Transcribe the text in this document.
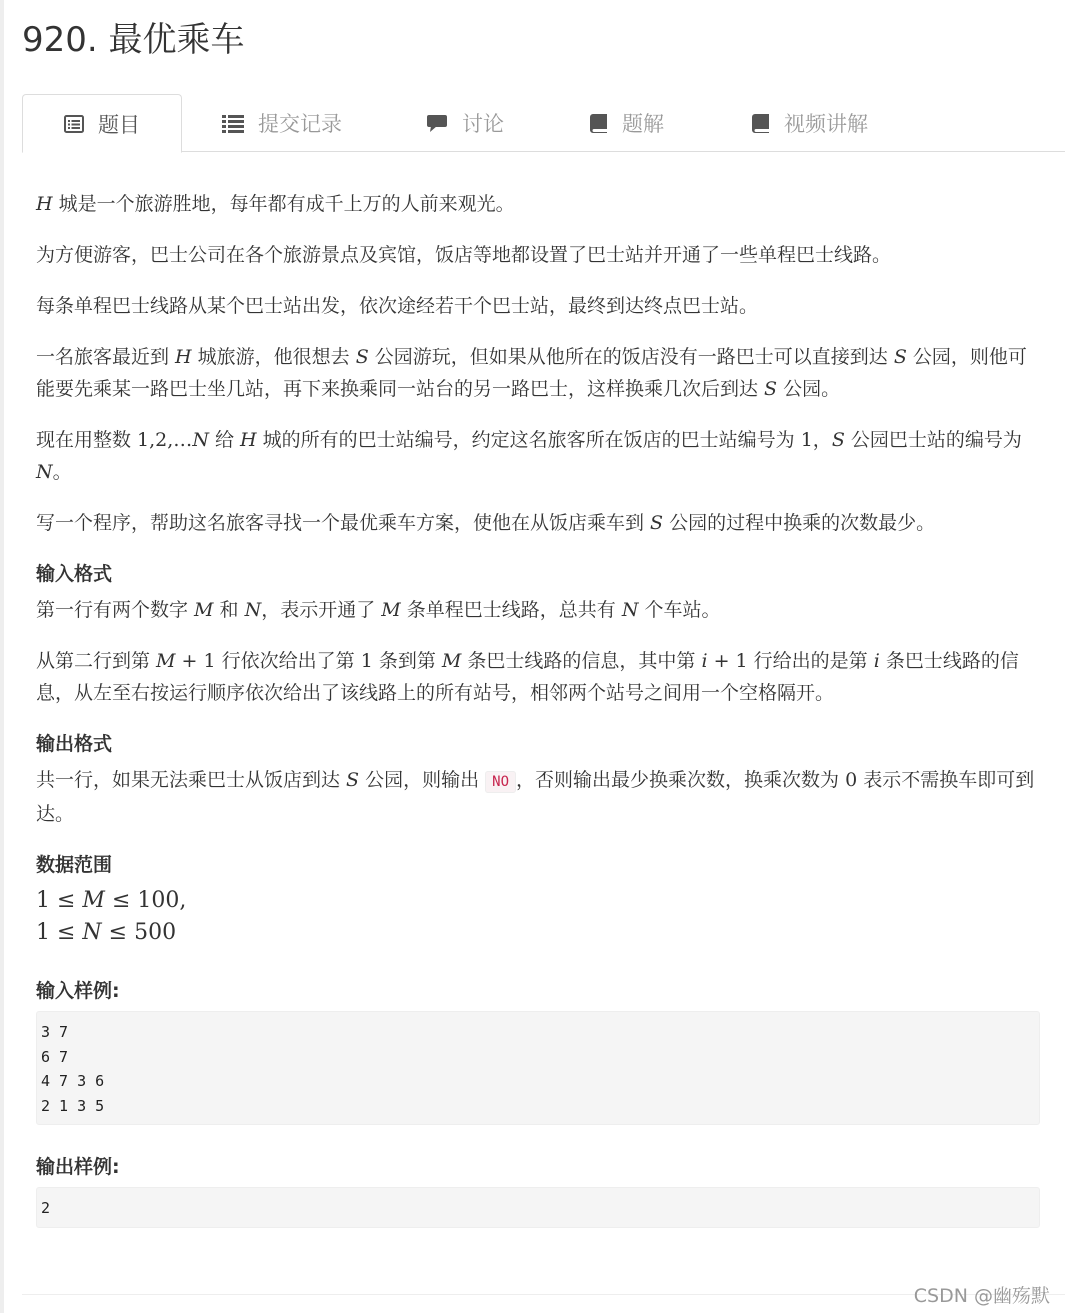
920. 最优乘车
题目	提交记录	讨论	题解	视频讲解

H 城是一个旅游胜地，每年都有成千上万的人前来观光。

为方便游客，巴士公司在各个旅游景点及宾馆，饭店等地都设置了巴士站并开通了一些单程巴士线路。

每条单程巴士线路从某个巴士站出发，依次途经若干个巴士站，最终到达终点巴士站。

一名旅客最近到 H 城旅游，他很想去 S 公园游玩，但如果从他所在的饭店没有一路巴士可以直接到达 S 公园，则他可能要先乘某一路巴士坐几站，再下来换乘同一站台的另一路巴士，这样换乘几次后到达 S 公园。

现在用整数 1,2,…N 给 H 城的所有的巴士站编号，约定这名旅客所在饭店的巴士站编号为 1，S 公园巴士站的编号为 N。

写一个程序，帮助这名旅客寻找一个最优乘车方案，使他在从饭店乘车到 S 公园的过程中换乘的次数最少。

输入格式

第一行有两个数字 M 和 N，表示开通了 M 条单程巴士线路，总共有 N 个车站。

从第二行到第 M + 1 行依次给出了第 1 条到第 M 条巴士线路的信息，其中第 i + 1 行给出的是第 i 条巴士线路的信息，从左至右按运行顺序依次给出了该线路上的所有站号，相邻两个站号之间用一个空格隔开。

输出格式

共一行，如果无法乘巴士从饭店到达 S 公园，则输出 NO ，否则输出最少换乘次数，换乘次数为 0 表示不需换车即可到达。

数据范围
1 ≤ M ≤ 100,
1 ≤ N ≤ 500
输入样例:
3 7
6 7
4 7 3 6
2 1 3 5
输出样例:
2
CSDN @幽殇默
